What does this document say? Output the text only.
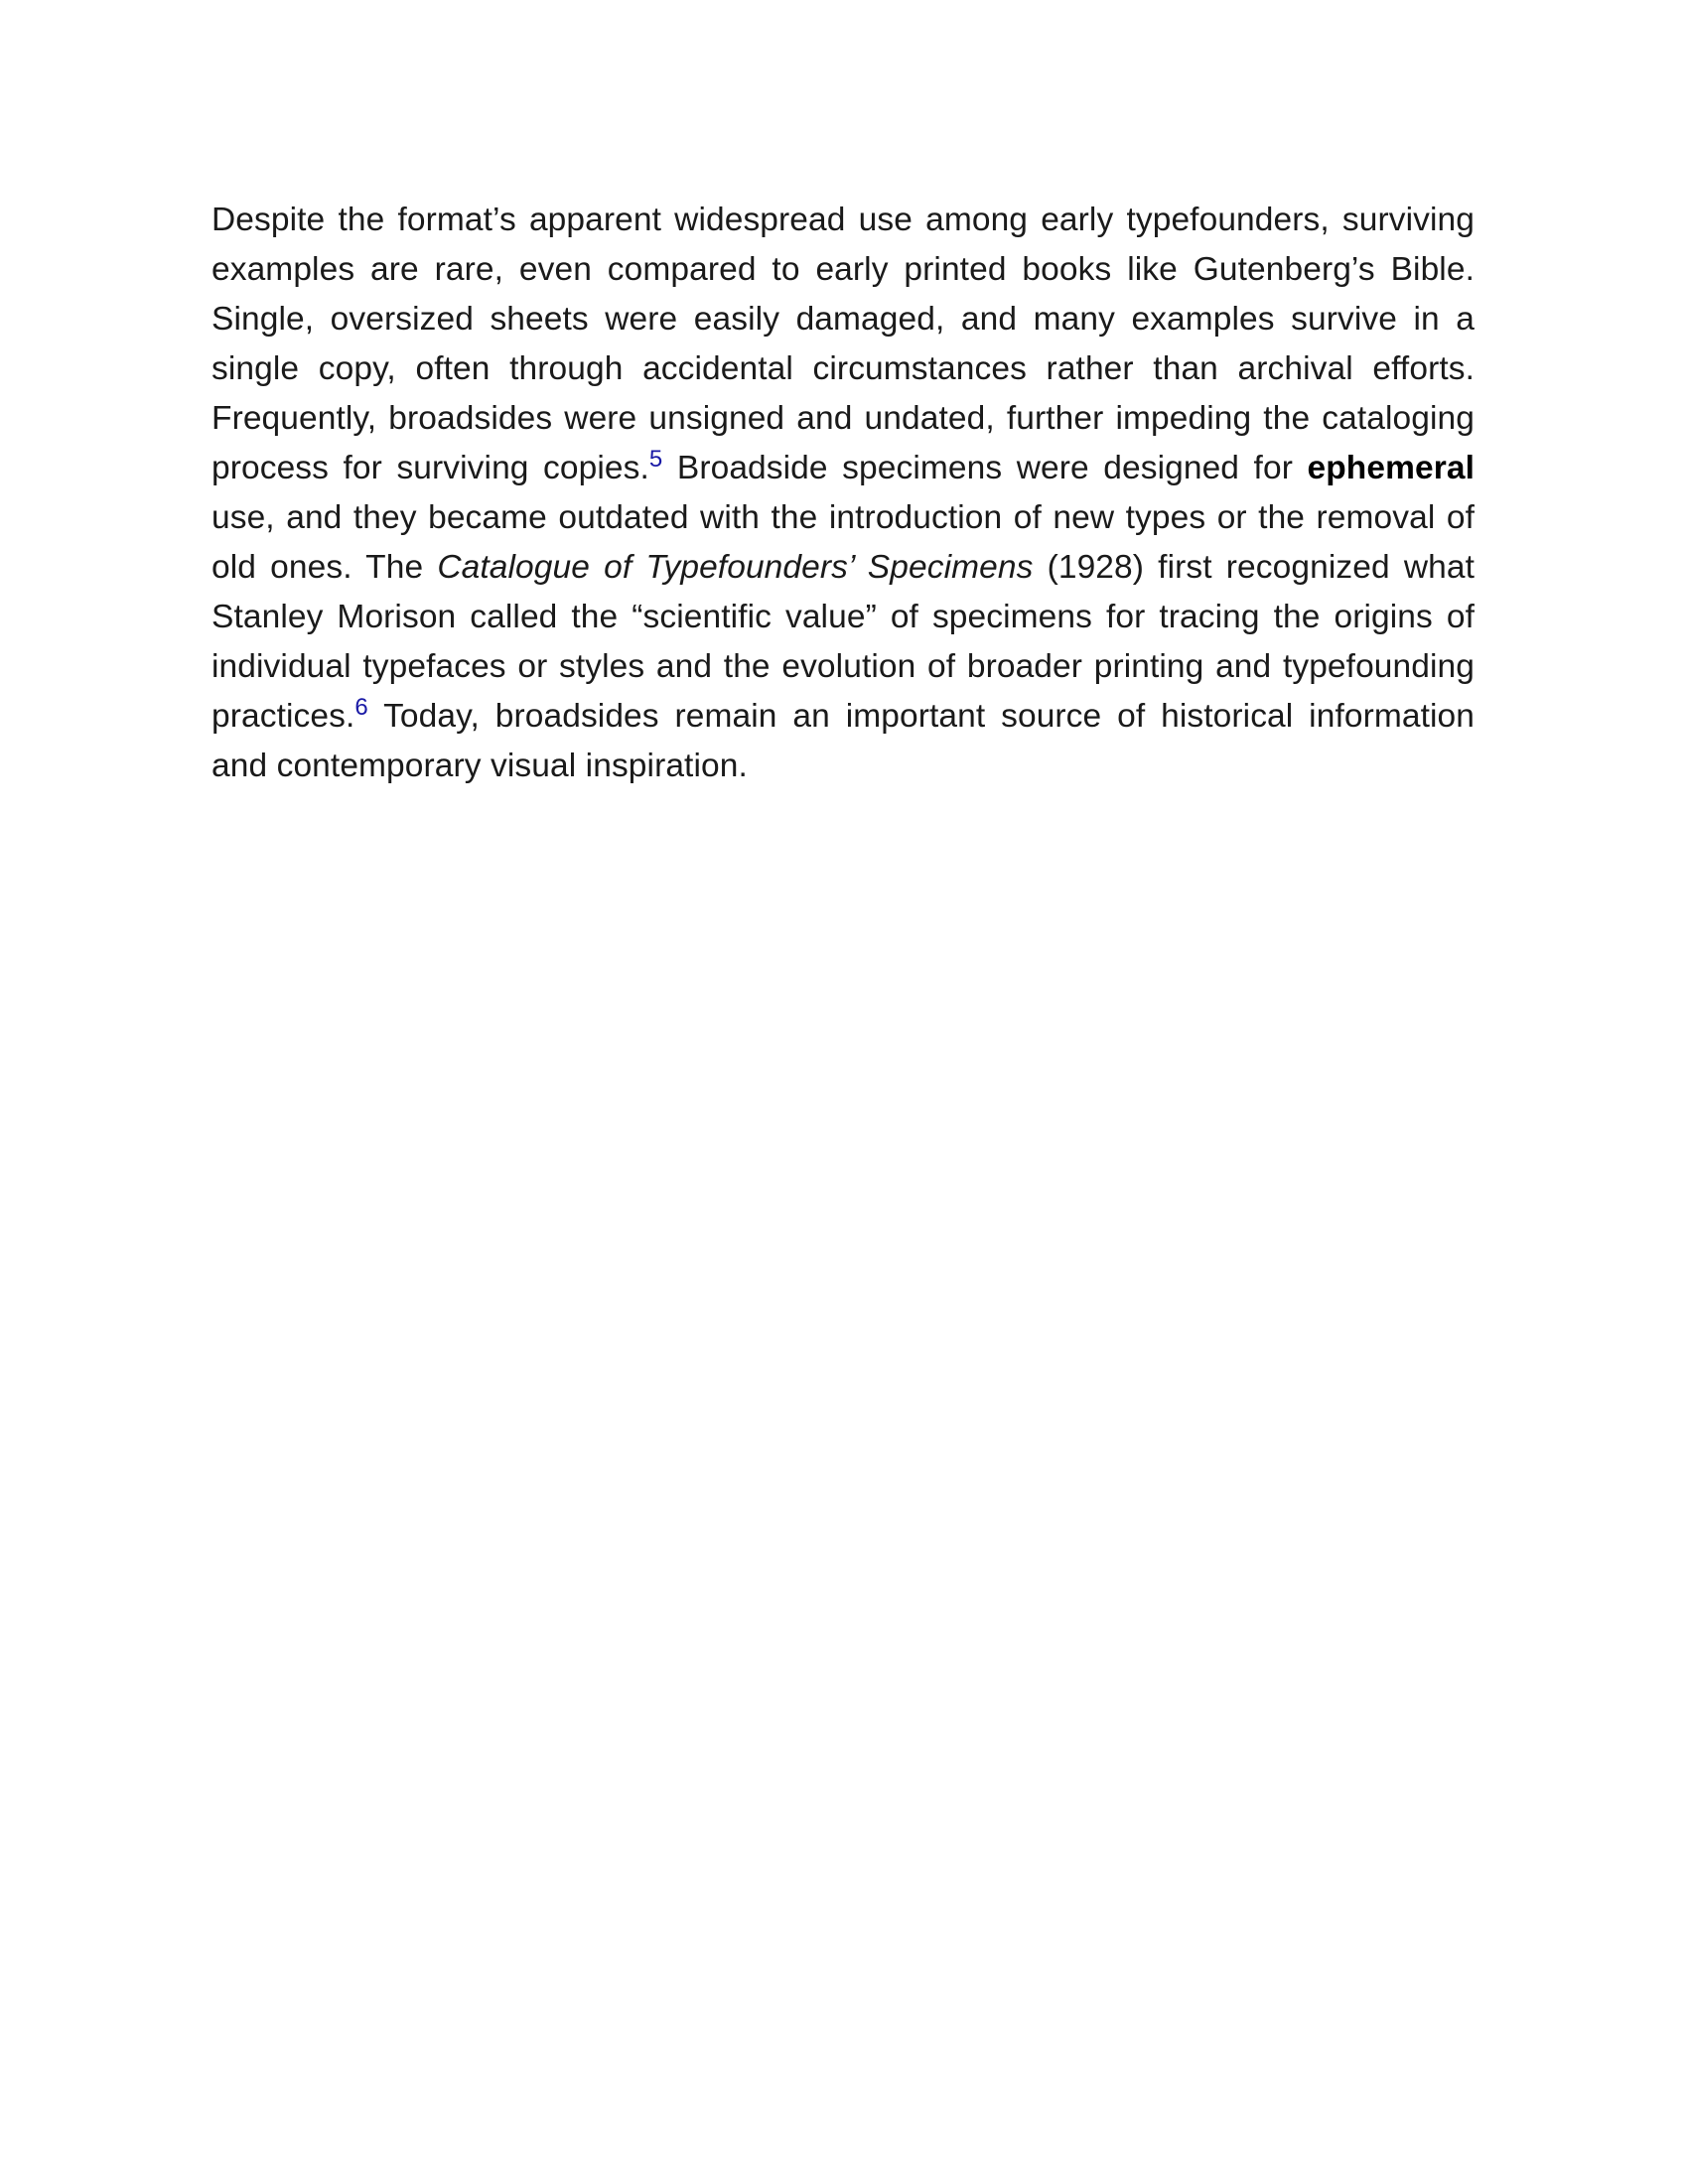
Despite the format’s apparent widespread use among early typefounders, surviving examples are rare, even compared to early printed books like Gutenberg’s Bible. Single, oversized sheets were easily damaged, and many examples survive in a single copy, often through accidental circumstances rather than archival efforts. Frequently, broadsides were unsigned and undated, further impeding the cataloging process for surviving copies.$^5$ Broadside specimens were designed for ephemeral use, and they became outdated with the introduction of new types or the removal of old ones. The Catalogue of Typefounders’ Specimens (1928) first recognized what Stanley Morison called the “scientific value” of specimens for tracing the origins of individual typefaces or styles and the evolution of broader printing and typefounding practices.$^6$ Today, broadsides remain an important source of historical information and contemporary visual inspiration.
